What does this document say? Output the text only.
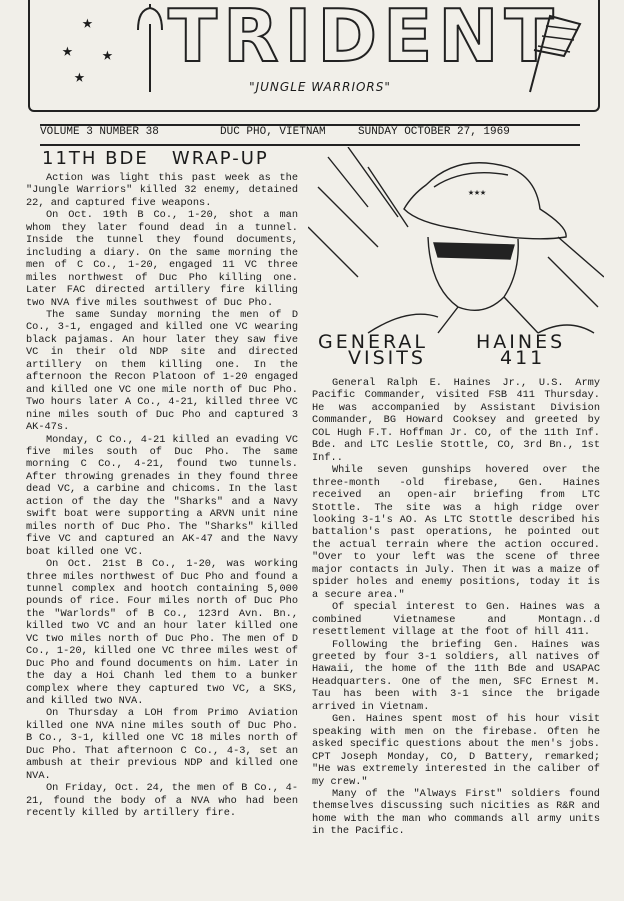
★
★ ★
★ TRIDENT
"JUNGLE WARRIORS"
VOLUME 3 NUMBER 38	DUC PHO, VIETNAM	SUNDAY OCTOBER 27, 1969
11TH BDE   WRAP-UP

Action was light this past week as the "Jungle Warriors" killed 32 enemy, detained 22, and captured five weapons.

On Oct. 19th B Co., 1-20, shot a man whom they later found dead in a tunnel. Inside the tunnel they found documents, including a diary. On the same morning the men of C Co., 1-20, engaged 11 VC three miles northwest of Duc Pho killing one. Later FAC directed artillery fire killing two NVA five miles southwest of Duc Pho.

The same Sunday morning the men of D Co., 3-1, engaged and killed one VC wearing black pajamas. An hour later they saw five VC in their old NDP site and directed artillery on them killing one. In the afternoon the Recon Platoon of 1-20 engaged and killed one VC one mile north of Duc Pho. Two hours later A Co., 4-21, killed three VC nine miles south of Duc Pho and captured 3 AK-47s.

Monday, C Co., 4-21 killed an evading VC five miles south of Duc Pho. The same morning C Co., 4-21, found two tunnels. After throwing grenades in they found three dead VC, a carbine and chicoms. In the last action of the day the "Sharks" and a Navy swift boat were supporting a ARVN unit nine miles north of Duc Pho. The "Sharks" killed five VC and captured an AK-47 and the Navy boat killed one VC.

On Oct. 21st B Co., 1-20, was working three miles northwest of Duc Pho and found a tunnel complex and hootch containing 5,000 pounds of rice. Four miles north of Duc Pho the "Warlords" of B Co., 123rd Avn. Bn., killed two VC and an hour later killed one VC two miles north of Duc Pho. The men of D Co., 1-20, killed one VC three miles west of Duc Pho and found documents on him. Later in the day a Hoi Chanh led them to a bunker complex where they captured two VC, a SKS, and killed two NVA.

On Thursday a LOH from Primo Aviation killed one NVA nine miles south of Duc Pho. B Co., 3-1, killed one VC 18 miles north of Duc Pho. That afternoon C Co., 4-3, set an ambush at their previous NDP and killed one NVA.

On Friday, Oct. 24, the men of B Co., 4-21, found the body of a NVA who had been recently killed by artillery fire.

★★★
GENERAL	HAINES
VISITS	411

General Ralph E. Haines Jr., U.S. Army Pacific Commander, visited FSB 411 Thursday. He was accompanied by Assistant Division Commander, BG Howard Cooksey and greeted by COL Hugh F.T. Hoffman Jr. CO, of the 11th Inf. Bde. and LTC Leslie Stottle, CO, 3rd Bn., 1st Inf..

While seven gunships hovered over the three-month -old firebase, Gen. Haines received an open-air briefing from LTC Stottle. The site was a high ridge over looking 3-1's AO. As LTC Stottle described his battalion's past operations, he pointed out the actual terrain where the action occured. "Over to your left was the scene of three major contacts in July. Then it was a maize of spider holes and enemy positions, today it is a secure area."

Of special interest to Gen. Haines was a combined Vietnamese and Montagn..d resettlement village at the foot of hill 411.

Following the briefing Gen. Haines was greeted by four 3-1 soldiers, all natives of Hawaii, the home of the 11th Bde and USAPAC Headquarters. One of the men, SFC Ernest M. Tau has been with 3-1 since the brigade arrived in Vietnam.

Gen. Haines spent most of his hour visit speaking with men on the firebase. Often he asked specific questions about the men's jobs. CPT Joseph Monday, CO, D Battery, remarked; "He was extremely interested in the caliber of my crew."

Many of the "Always First" soldiers found themselves discussing such nicities as R&R and home with the man who commands all army units in the Pacific.
